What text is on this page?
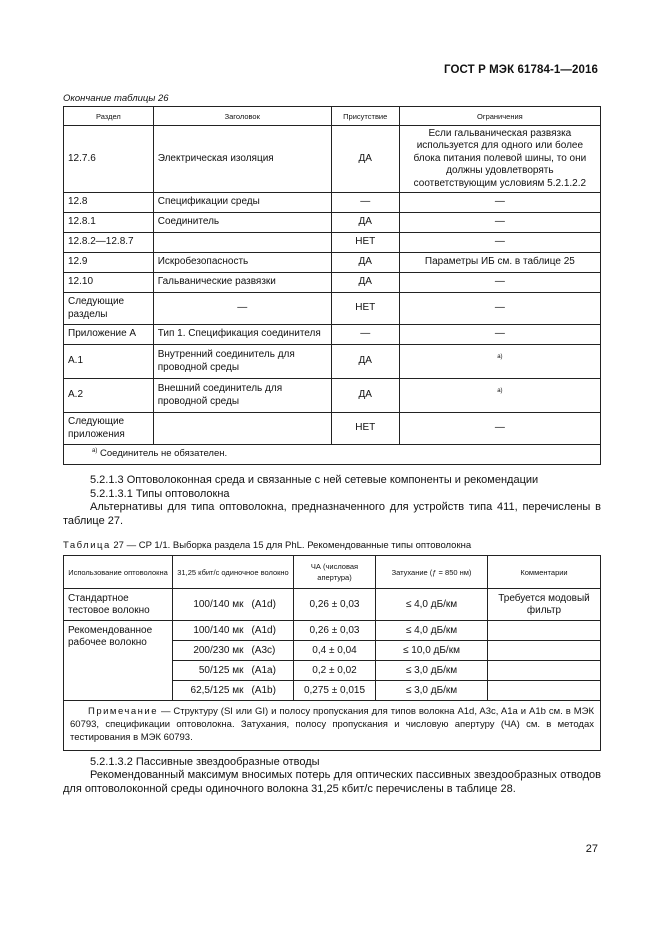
ГОСТ Р МЭК 61784-1—2016
Окончание таблицы 26
Раздел	Заголовок	Присутствие	Ограничения
12.7.6	Электрическая изоляция	ДА	Если гальваническая развязка используется для одного или более блока питания полевой шины, то они должны удовлетворять соответствующим условиям 5.2.1.2.2
12.8	Спецификации среды	—	—
12.8.1	Соединитель	ДА	—
12.8.2—12.8.7		НЕТ	—
12.9	Искробезопасность	ДА	Параметры ИБ см. в таблице 25
12.10	Гальванические развязки	ДА	—
Следующие разделы	—	НЕТ	—
Приложение А	Тип 1. Спецификация соединителя	—	—
А.1	Внутренний соединитель для проводной среды	ДА	a)
А.2	Внешний соединитель для проводной среды	ДА	a)
Следующие приложения		НЕТ	—
$^{а)}$ Соединитель не обязателен.			
5.2.1.3 Оптоволоконная среда и связанные с ней сетевые компоненты и рекомендации
5.2.1.3.1 Типы оптоволокна
Альтернативы для типа оптоволокна, предназначенного для устройств типа 411, перечислены в таблице 27.
Таблица 27 — CP 1/1. Выборка раздела 15 для PhL. Рекомендованные типы оптоволокна
Использование оптоволокна	31,25 кбит/с одиночное волокно		ЧА (числовая апертура)	Затухание (ƒ = 850 нм)	Комментарии
Стандартное тестовое волокно	100/140 мк	(A1d)	0,26 ± 0,03	≤ 4,0 дБ/км	Требуется модовый фильтр
Рекомендованное рабочее волокно	100/140 мк	(A1d)	0,26 ± 0,03	≤ 4,0 дБ/км	
	200/230 мк	(A3c)	0,4 ± 0,04	≤ 10,0 дБ/км	
	50/125 мк	(A1a)	0,2 ± 0,02	≤ 3,0 дБ/км	
	62,5/125 мк	(A1b)	0,275 ± 0,015	≤ 3,0 дБ/км	
Примечание — Структуру (SI или GI) и полосу пропускания для типов волокна A1d, A3c, A1a и A1b см. в МЭК 60793, спецификации оптоволокна. Затухания, полосу пропускания и числовую апертуру (ЧА) см. в методах тестирования в МЭК 60793.					
5.2.1.3.2 Пассивные звездообразные отводы
Рекомендованный максимум вносимых потерь для оптических пассивных звездообразных отводов для оптоволоконной среды одиночного волокна 31,25 кбит/с перечислены в таблице 28.
27
